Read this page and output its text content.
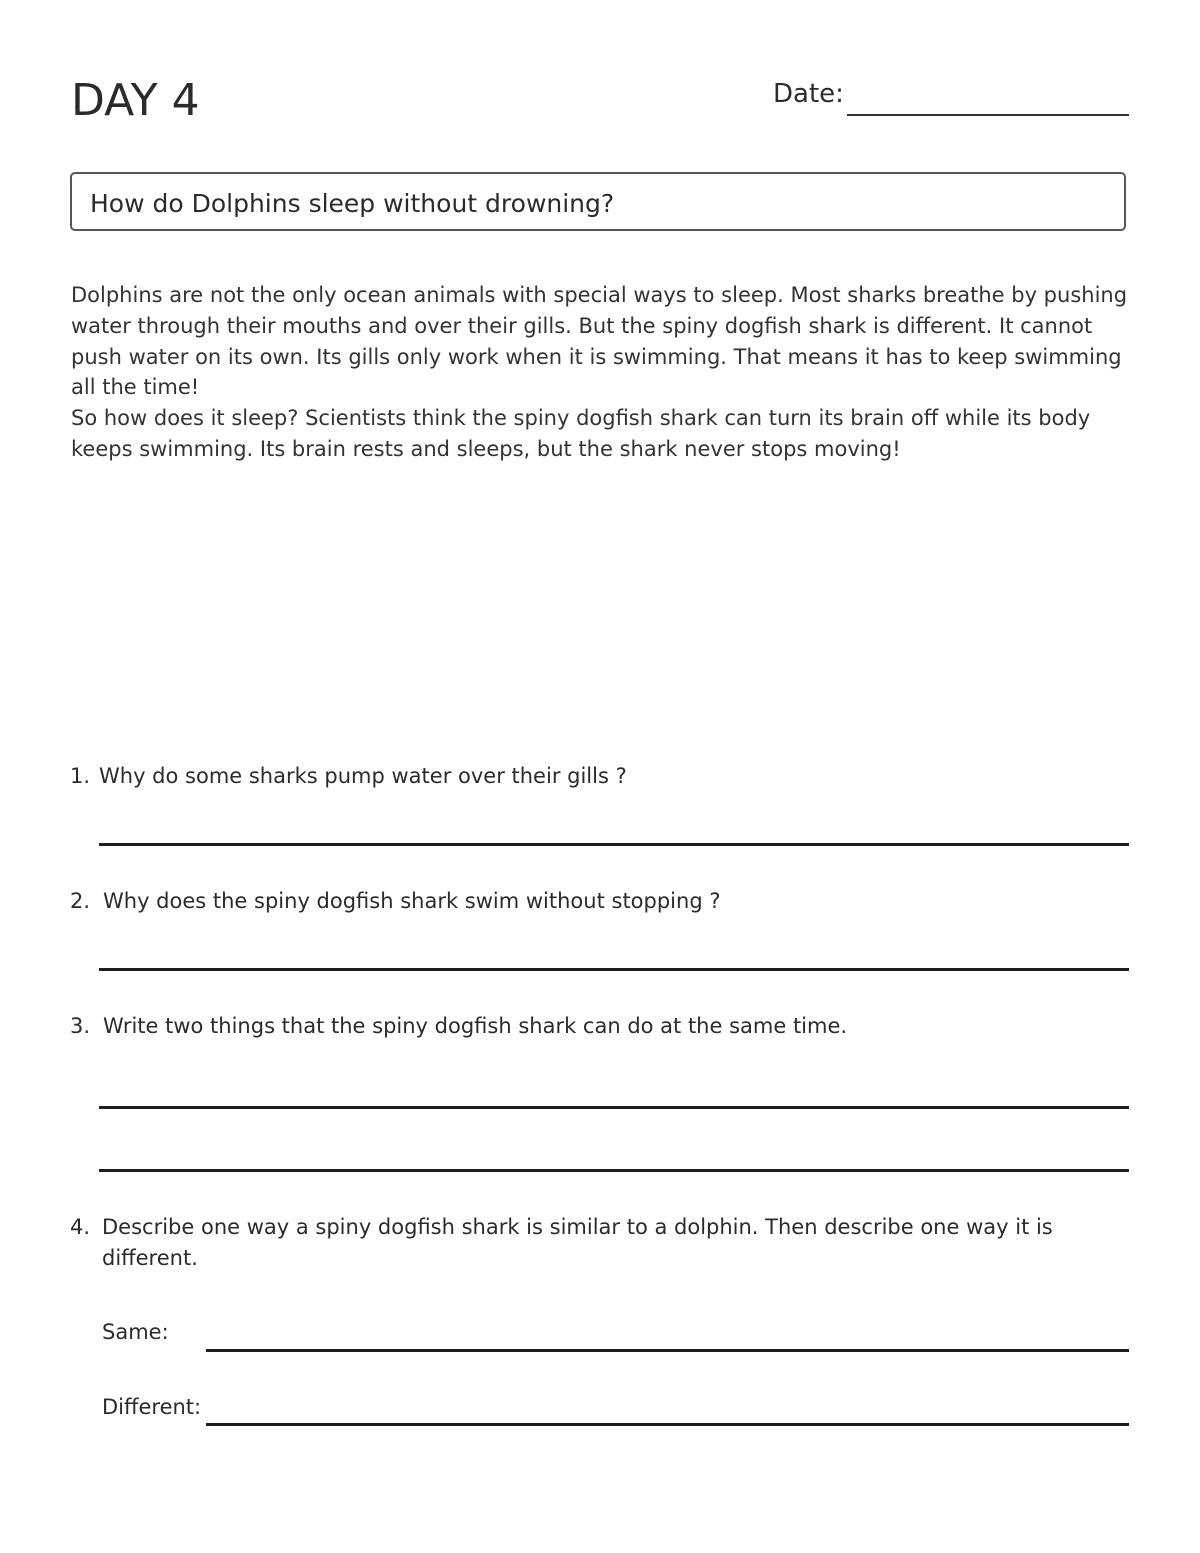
DAY 4	Date:
How do Dolphins sleep without drowning?

Dolphins are not the only ocean animals with special ways to sleep. Most sharks breathe by pushing water through their mouths and over their gills. But the spiny dogfish shark is different. It cannot push water on its own. Its gills only work when it is swimming. That means it has to keep swimming all the time!

So how does it sleep? Scientists think the spiny dogfish shark can turn its brain off while its body keeps swimming. Its brain rests and sleeps, but the shark never stops moving!

1. Why do some sharks pump water over their gills ?
2. Why does the spiny dogfish shark swim without stopping ?
3. Write two things that the spiny dogfish shark can do at the same time.
4. Describe one way a spiny dogfish shark is similar to a dolphin. Then describe one way it is different.
Same:
Different:
